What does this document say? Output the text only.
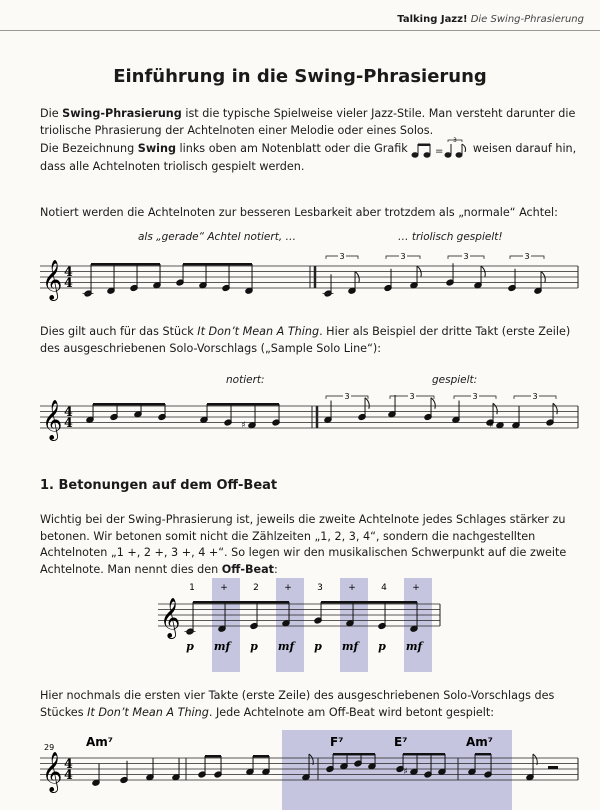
Talking Jazz! Die Swing-Phrasierung
Einführung in die Swing-Phrasierung
Die Swing-Phrasierung ist die typische Spielweise vieler Jazz-Stile. Man versteht darunter die triolische Phrasierung der Achtelnoten einer Melodie oder eines Solos.
Die Bezeichnung Swing links oben am Notenblatt oder die Grafik =
3
weisen darauf hin, dass alle Achtelnoten triolisch gespielt werden.
Notiert werden die Achtelnoten zur besseren Lesbarkeit aber trotzdem als „normale“ Achtel:
als „gerade“ Achtel notiert, …	… triolisch gespielt!
𝄞 4
4
3	3	3	3
Dies gilt auch für das Stück It Don’t Mean A Thing. Hier als Beispiel der dritte Takt (erste Zeile) des ausgeschriebenen Solo-Vorschlags („Sample Solo Line“):
notiert:	gespielt:
𝄞 4
4	♯
3	3	3	3
♯
1. Betonungen auf dem Off-Beat
Wichtig bei der Swing-Phrasierung ist, jeweils die zweite Achtelnote jedes Schlages stärker zu betonen. Wir betonen somit nicht die Zählzeiten „1, 2, 3, 4“, sondern die nachgestellten Achtelnoten „1 +, 2 +, 3 +, 4 +“. So legen wir den musikalischen Schwerpunkt auf die zweite Achtelnote. Man nennt dies den Off-Beat:
𝄞
1	+	2	+	3	+	4	+
p mf p mf p mf p mf
Hier nochmals die ersten vier Takte (erste Zeile) des ausgeschriebenen Solo-Vorschlags des Stückes It Don’t Mean A Thing. Jede Achtelnote am Off-Beat wird betont gespielt:
𝄞 4
4
29	Am⁷	F⁷	E⁷	Am⁷
♯
